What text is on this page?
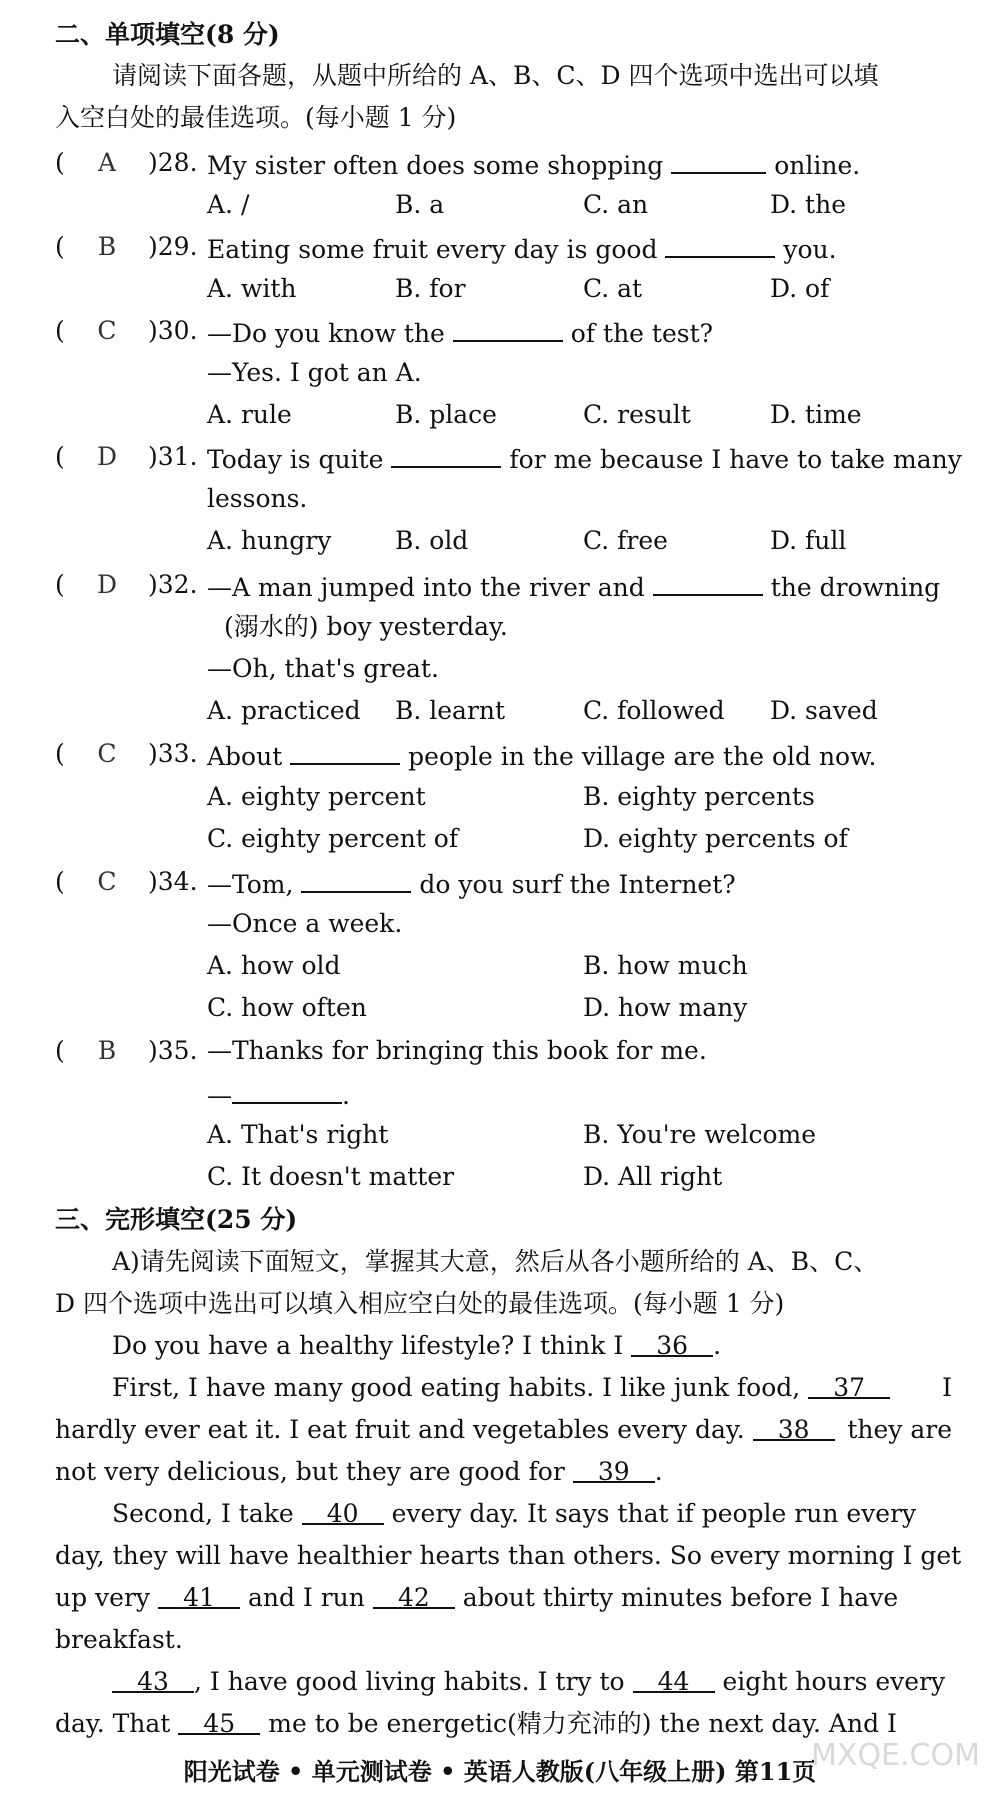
二、单项填空(8 分)
请阅读下面各题，从题中所给的 A、B、C、D 四个选项中选出可以填
入空白处的最佳选项。(每小题 1 分)
( A )28. My sister often does some shopping	online.
A. /	B. a	C. an	D. the
( B )29. Eating some fruit every day is good	you.
A. with	B. for	C. at	D. of
( C )30. —Do you know the	of the test?
—Yes. I got an A.
A. rule	B. place	C. result	D. time
( D )31. Today is quite	for me because I have to take many
lessons.
A. hungry	B. old	C. free	D. full
( D )32. —A man jumped into the river and	the drowning
(溺水的) boy yesterday.
—Oh, that's great.
A. practiced B. learnt	C. followed D. saved
( C )33. About	people in the village are the old now.
A. eighty percent	B. eighty percents
C. eighty percent of	D. eighty percents of
( C )34. —Tom,	do you surf the Internet?
—Once a week.
A. how old	B. how much
C. how often	D. how many
( B )35. —Thanks for bringing this book for me.
—	.
A. That's right	B. You're welcome
C. It doesn't matter	D. All right
三、完形填空(25 分)
A)请先阅读下面短文，掌握其大意，然后从各小题所给的 A、B、C、
D 四个选项中选出可以填入相应空白处的最佳选项。(每小题 1 分)
Do you have a healthy lifestyle? I think I 36 .
First, I have many good eating habits. I like junk food, 37	I
hardly ever eat it. I eat fruit and vegetables every day. 38 they are
not very delicious, but they are good for 39 .
Second, I take 40 every day. It says that if people run every
day, they will have healthier hearts than others. So every morning I get
up very 41 and I run 42 about thirty minutes before I have
breakfast.
43 , I have good living habits. I try to 44 eight hours every
day. That 45 me to be energetic(精力充沛的) the next day. And I
阳光试卷 • 单元测试卷 • 英语人教版(八年级上册) 第11页
MXQE.COM
